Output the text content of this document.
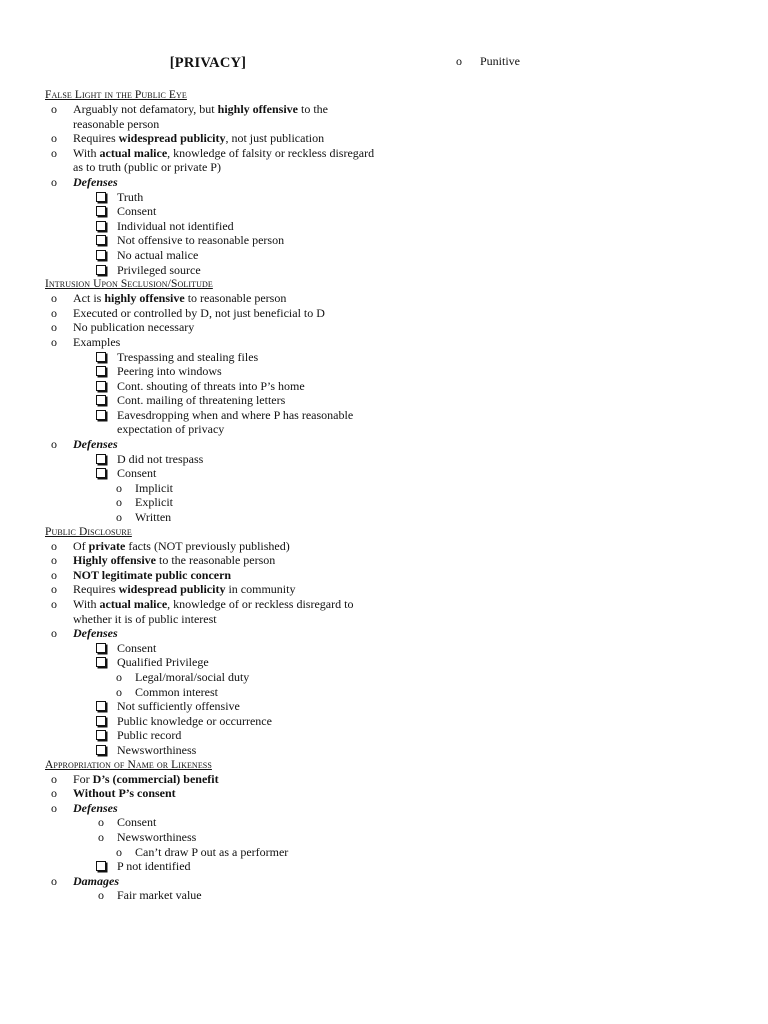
[PRIVACY]
False Light in the Public Eye
o Arguably not defamatory, but highly offensive to the reasonable person
o Requires widespread publicity, not just publication
o With actual malice, knowledge of falsity or reckless disregard as to truth (public or private P)
o Defenses
Truth
Consent
Individual not identified
Not offensive to reasonable person
No actual malice
Privileged source
Intrusion Upon Seclusion/Solitude
o Act is highly offensive to reasonable person
o Executed or controlled by D, not just beneficial to D
o No publication necessary
o Examples
Trespassing and stealing files
Peering into windows
Cont. shouting of threats into P’s home
Cont. mailing of threatening letters
Eavesdropping when and where P has reasonable expectation of privacy
o Defenses
D did not trespass
Consent
o Implicit
o Explicit
o Written
Public Disclosure
o Of private facts (NOT previously published)
o Highly offensive to the reasonable person
o NOT legitimate public concern
o Requires widespread publicity in community
o With actual malice, knowledge of or reckless disregard to whether it is of public interest
o Defenses
Consent
Qualified Privilege
o Legal/moral/social duty
o Common interest
Not sufficiently offensive
Public knowledge or occurrence
Public record
Newsworthiness
Appropriation of Name or Likeness
o For D’s (commercial) benefit
o Without P’s consent
o Defenses
o Consent
o Newsworthiness
o Can’t draw P out as a performer
P not identified
o Damages
o Fair market value
o Punitive
